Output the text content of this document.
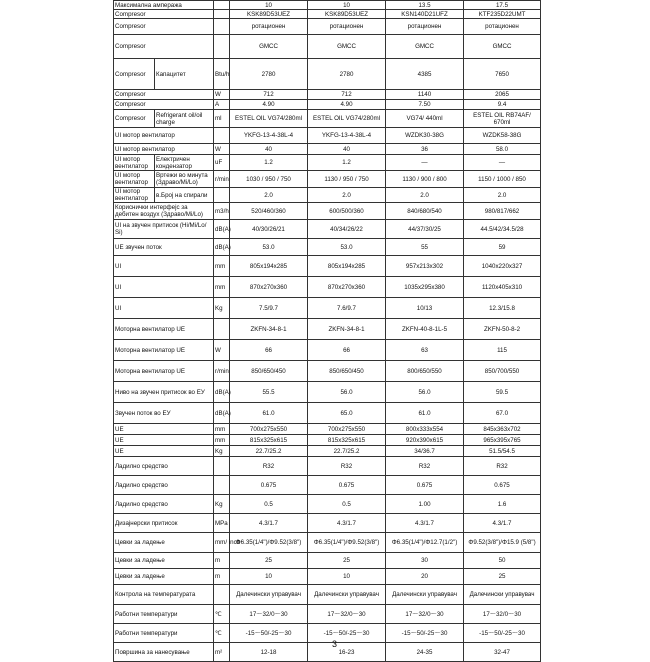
Максимална ампеража			10	10	13.5	17.5
Compresor			KSK89D53UEZ	KSK89D53UEZ	KSN140D21UFZ	KTF235D22UMT
Compresor			ротационен	ротационен	ротационен	ротационен
Compresor			GMCC	GMCC	GMCC	GMCC
Compresor	Капацитет	Btu/h	2780	2780	4385	7650
Compresor		W	712	712	1140	2065
Compresor		A	4.90	4.90	7.50	9.4
Compresor	Refrigerant oil/oil charge	ml	ESTEL OIL VG74/280ml	ESTEL OIL VG74/280ml	VG74/ 440ml	ESTEL OIL RB74AF/ 670ml
UI мотор вентилатор			YKFG-13-4-38L-4	YKFG-13-4-38L-4	WZDK30-38G	WZDK58-38G
UI мотор вентилатор		W	40	40	36	58.0
UI мотор вентилатор	Електричен кондензатор	uF	1.2	1.2	—	—
UI мотор вентилатор	Вртежи во минута (Здраво/Mi/Lo)	r/min	1030 / 950 / 750	1130 / 950 / 750	1130 / 900 / 800	1150 / 1000 / 850
UI мотор вентилатор	в.Број на спирали		2.0	2.0	2.0	2.0
Кориснички интерфејс за дебитен воздух (Здраво/Mi/Lo)		m3/h	520/460/360	600/500/360	840/680/540	980/817/662
UI на звучен притисок (Hi/Mi/Lo/ Si)		dB(A)	40/30/26/21	40/34/26/22	44/37/30/25	44.5/42/34.5/28
UE звучен поток		dB(A)	53.0	53.0	55	59
UI		mm	805x194x285	805x194x285	957x213x302	1040x220x327
UI		mm	870x270x360	870x270x360	1035x295x380	1120x405x310
UI		Kg	7.5/9.7	7.6/9.7	10/13	12.3/15.8
Моторна вентилатор UE			ZKFN-34-8-1	ZKFN-34-8-1	ZKFN-40-8-1L-5	ZKFN-50-8-2
Моторна вентилатор UE		W	66	66	63	115
Моторна вентилатор UE		r/min	850/650/450	850/650/450	800/650/550	850/700/550
Ниво на звучен притисок во ЕУ		dB(A)	55.5	56.0	56.0	59.5
Звучен поток во ЕУ		dB(A)	61.0	65.0	61.0	67.0
UE		mm	700x275x550	700x275x550	800x333x554	845x363x702
UE		mm	815x325x615	815x325x615	920x390x615	965x395x765
UE		Kg	22.7/25.2	22.7/25.2	34/36.7	51.5/54.5
Ладилно средство			R32	R32	R32	R32
Ладилно средство			0.675	0.675	0.675	0.675
Ладилно средство		Kg	0.5	0.5	1.00	1.6
Дизајнерски притисок		MPa	4.3/1.7	4.3/1.7	4.3/1.7	4.3/1.7
Цевки за ладење		mm/ inch	Φ6.35(1/4")/Φ9.52(3/8")	Φ6.35(1/4")/Φ9.52(3/8")	Φ6.35(1/4")/Φ12.7(1/2")	Φ9.52(3/8")/Φ15.9 (5/8")
Цевки за ладење		m	25	25	30	50
Цевки за ладење		m	10	10	20	25
Контрола на температурата			Далечински управувач	Далечински управувач	Далечински управувач	Далечински управувач
Работни температури		℃	17～32/0～30	17～32/0～30	17～32/0～30	17～32/0～30
Работни температури		℃	-15～50/-25～30	-15～50/-25～30	-15～50/-25～30	-15～50/-25～30
Површина за нанесување		m²	12-18	16-23	24-35	32-47
3
